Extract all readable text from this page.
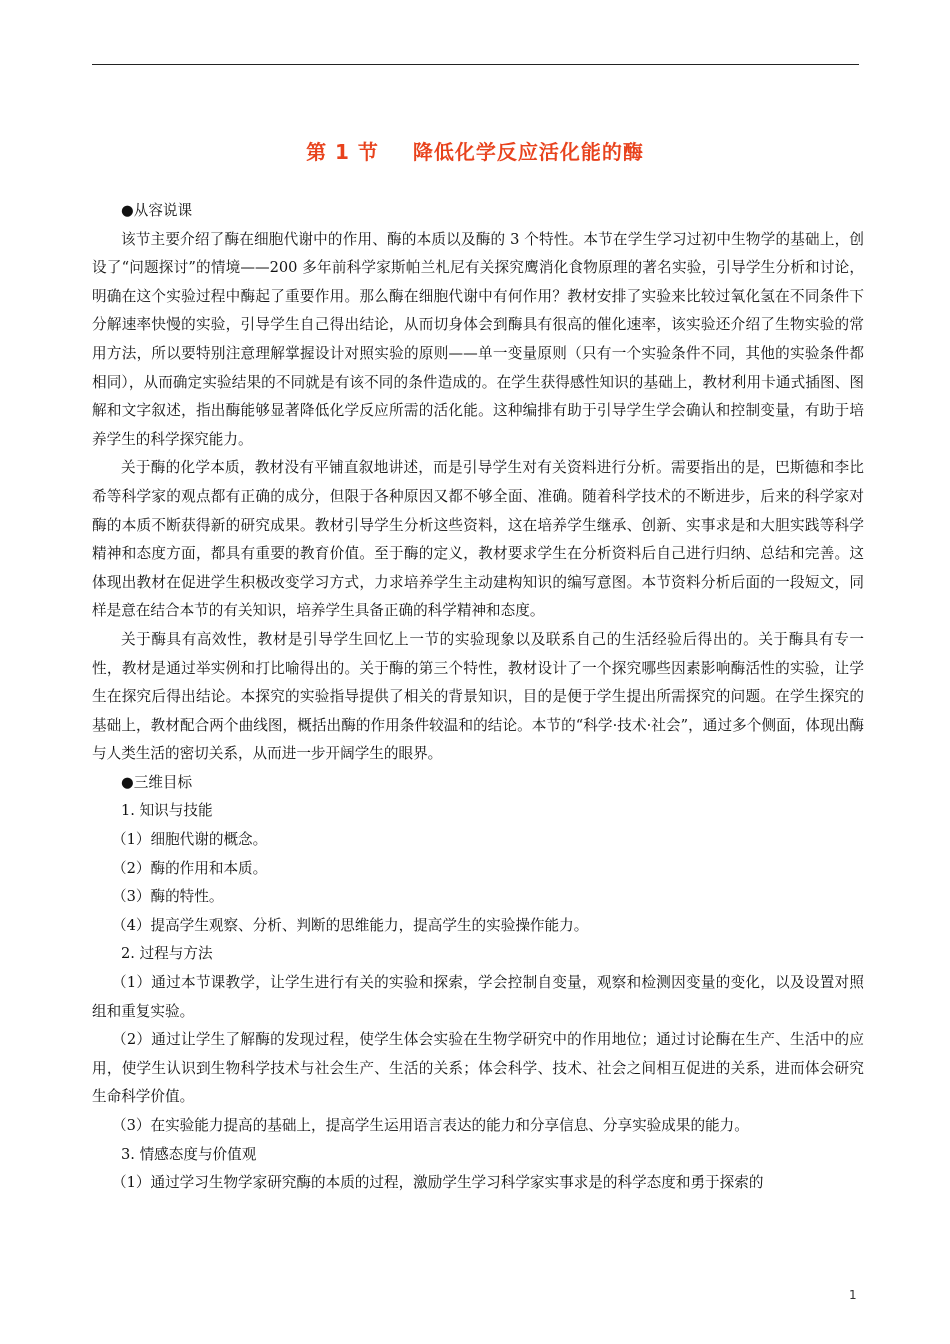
第 1 节 降低化学反应活化能的酶

●从容说课

该节主要介绍了酶在细胞代谢中的作用、酶的本质以及酶的 3 个特性。本节在学生学习过初中生物学的基础上，创设了“问题探讨”的情境——200 多年前科学家斯帕兰札尼有关探究鹰消化食物原理的著名实验，引导学生分析和讨论，明确在这个实验过程中酶起了重要作用。那么酶在细胞代谢中有何作用？教材安排了实验来比较过氧化氢在不同条件下分解速率快慢的实验，引导学生自己得出结论，从而切身体会到酶具有很高的催化速率，该实验还介绍了生物实验的常用方法，所以要特别注意理解掌握设计对照实验的原则——单一变量原则（只有一个实验条件不同，其他的实验条件都相同），从而确定实验结果的不同就是有该不同的条件造成的。在学生获得感性知识的基础上，教材利用卡通式插图、图解和文字叙述，指出酶能够显著降低化学反应所需的活化能。这种编排有助于引导学生学会确认和控制变量，有助于培养学生的科学探究能力。

关于酶的化学本质，教材没有平铺直叙地讲述，而是引导学生对有关资料进行分析。需要指出的是，巴斯德和李比希等科学家的观点都有正确的成分，但限于各种原因又都不够全面、准确。随着科学技术的不断进步，后来的科学家对酶的本质不断获得新的研究成果。教材引导学生分析这些资料，这在培养学生继承、创新、实事求是和大胆实践等科学精神和态度方面，都具有重要的教育价值。至于酶的定义，教材要求学生在分析资料后自己进行归纳、总结和完善。这体现出教材在促进学生积极改变学习方式，力求培养学生主动建构知识的编写意图。本节资料分析后面的一段短文，同样是意在结合本节的有关知识，培养学生具备正确的科学精神和态度。

关于酶具有高效性，教材是引导学生回忆上一节的实验现象以及联系自己的生活经验后得出的。关于酶具有专一性，教材是通过举实例和打比喻得出的。关于酶的第三个特性，教材设计了一个探究哪些因素影响酶活性的实验，让学生在探究后得出结论。本探究的实验指导提供了相关的背景知识，目的是便于学生提出所需探究的问题。在学生探究的基础上，教材配合两个曲线图，概括出酶的作用条件较温和的结论。本节的“科学·技术·社会”，通过多个侧面，体现出酶与人类生活的密切关系，从而进一步开阔学生的眼界。

●三维目标

1. 知识与技能

（1）细胞代谢的概念。

（2）酶的作用和本质。

（3）酶的特性。

（4）提高学生观察、分析、判断的思维能力，提高学生的实验操作能力。

2. 过程与方法

（1）通过本节课教学，让学生进行有关的实验和探索，学会控制自变量，观察和检测因变量的变化，以及设置对照组和重复实验。

（2）通过让学生了解酶的发现过程，使学生体会实验在生物学研究中的作用地位；通过讨论酶在生产、生活中的应用，使学生认识到生物科学技术与社会生产、生活的关系；体会科学、技术、社会之间相互促进的关系，进而体会研究生命科学价值。

（3）在实验能力提高的基础上，提高学生运用语言表达的能力和分享信息、分享实验成果的能力。

3. 情感态度与价值观

（1）通过学习生物学家研究酶的本质的过程，激励学生学习科学家实事求是的科学态度和勇于探索的

1
